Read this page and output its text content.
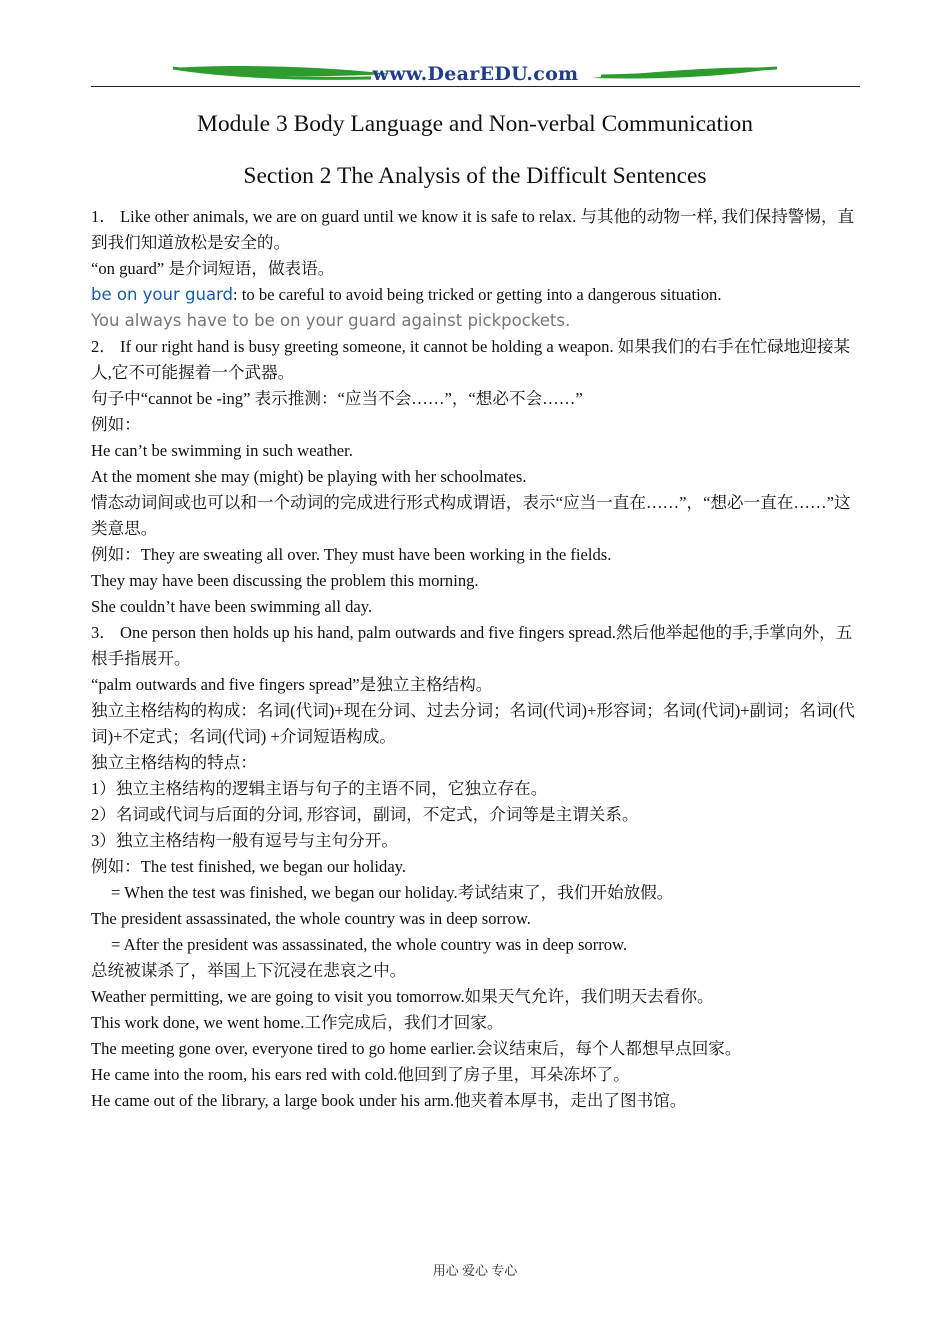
www.DearEDU.com
Module 3 Body Language and Non-verbal Communication
Section 2 The Analysis of the Difficult Sentences

1． Like other animals, we are on guard until we know it is safe to relax. 与其他的动物一样, 我们保持警惕，直到我们知道放松是安全的。

“on guard” 是介词短语，做表语。

be on your guard: to be careful to avoid being tricked or getting into a dangerous situation.

You always have to be on your guard against pickpockets.

2． If our right hand is busy greeting someone, it cannot be holding a weapon. 如果我们的右手在忙碌地迎接某人,它不可能握着一个武器。

句子中“cannot be -ing” 表示推测：“应当不会……”，“想必不会……”

例如：

He can’t be swimming in such weather.

At the moment she may (might) be playing with her schoolmates.

情态动词间或也可以和一个动词的完成进行形式构成谓语，表示“应当一直在……”，“想必一直在……”这类意思。

例如：They are sweating all over. They must have been working in the fields.

They may have been discussing the problem this morning.

She couldn’t have been swimming all day.

3． One person then holds up his hand, palm outwards and five fingers spread.然后他举起他的手,手掌向外，五根手指展开。

“palm outwards and five fingers spread”是独立主格结构。

独立主格结构的构成：名词(代词)+现在分词、过去分词；名词(代词)+形容词；名词(代词)+副词；名词(代词)+不定式；名词(代词) +介词短语构成。

独立主格结构的特点：

1）独立主格结构的逻辑主语与句子的主语不同，它独立存在。

2）名词或代词与后面的分词, 形容词，副词，不定式，介词等是主谓关系。

3）独立主格结构一般有逗号与主句分开。

例如：The test finished, we began our holiday.

= When the test was finished, we began our holiday.考试结束了，我们开始放假。

The president assassinated, the whole country was in deep sorrow.

= After the president was assassinated, the whole country was in deep sorrow.

总统被谋杀了，举国上下沉浸在悲哀之中。

Weather permitting, we are going to visit you tomorrow.如果天气允许，我们明天去看你。

This work done, we went home.工作完成后，我们才回家。

The meeting gone over, everyone tired to go home earlier.会议结束后，每个人都想早点回家。

He came into the room, his ears red with cold.他回到了房子里，耳朵冻坏了。

He came out of the library, a large book under his arm.他夹着本厚书，走出了图书馆。

用心 爱心 专心
